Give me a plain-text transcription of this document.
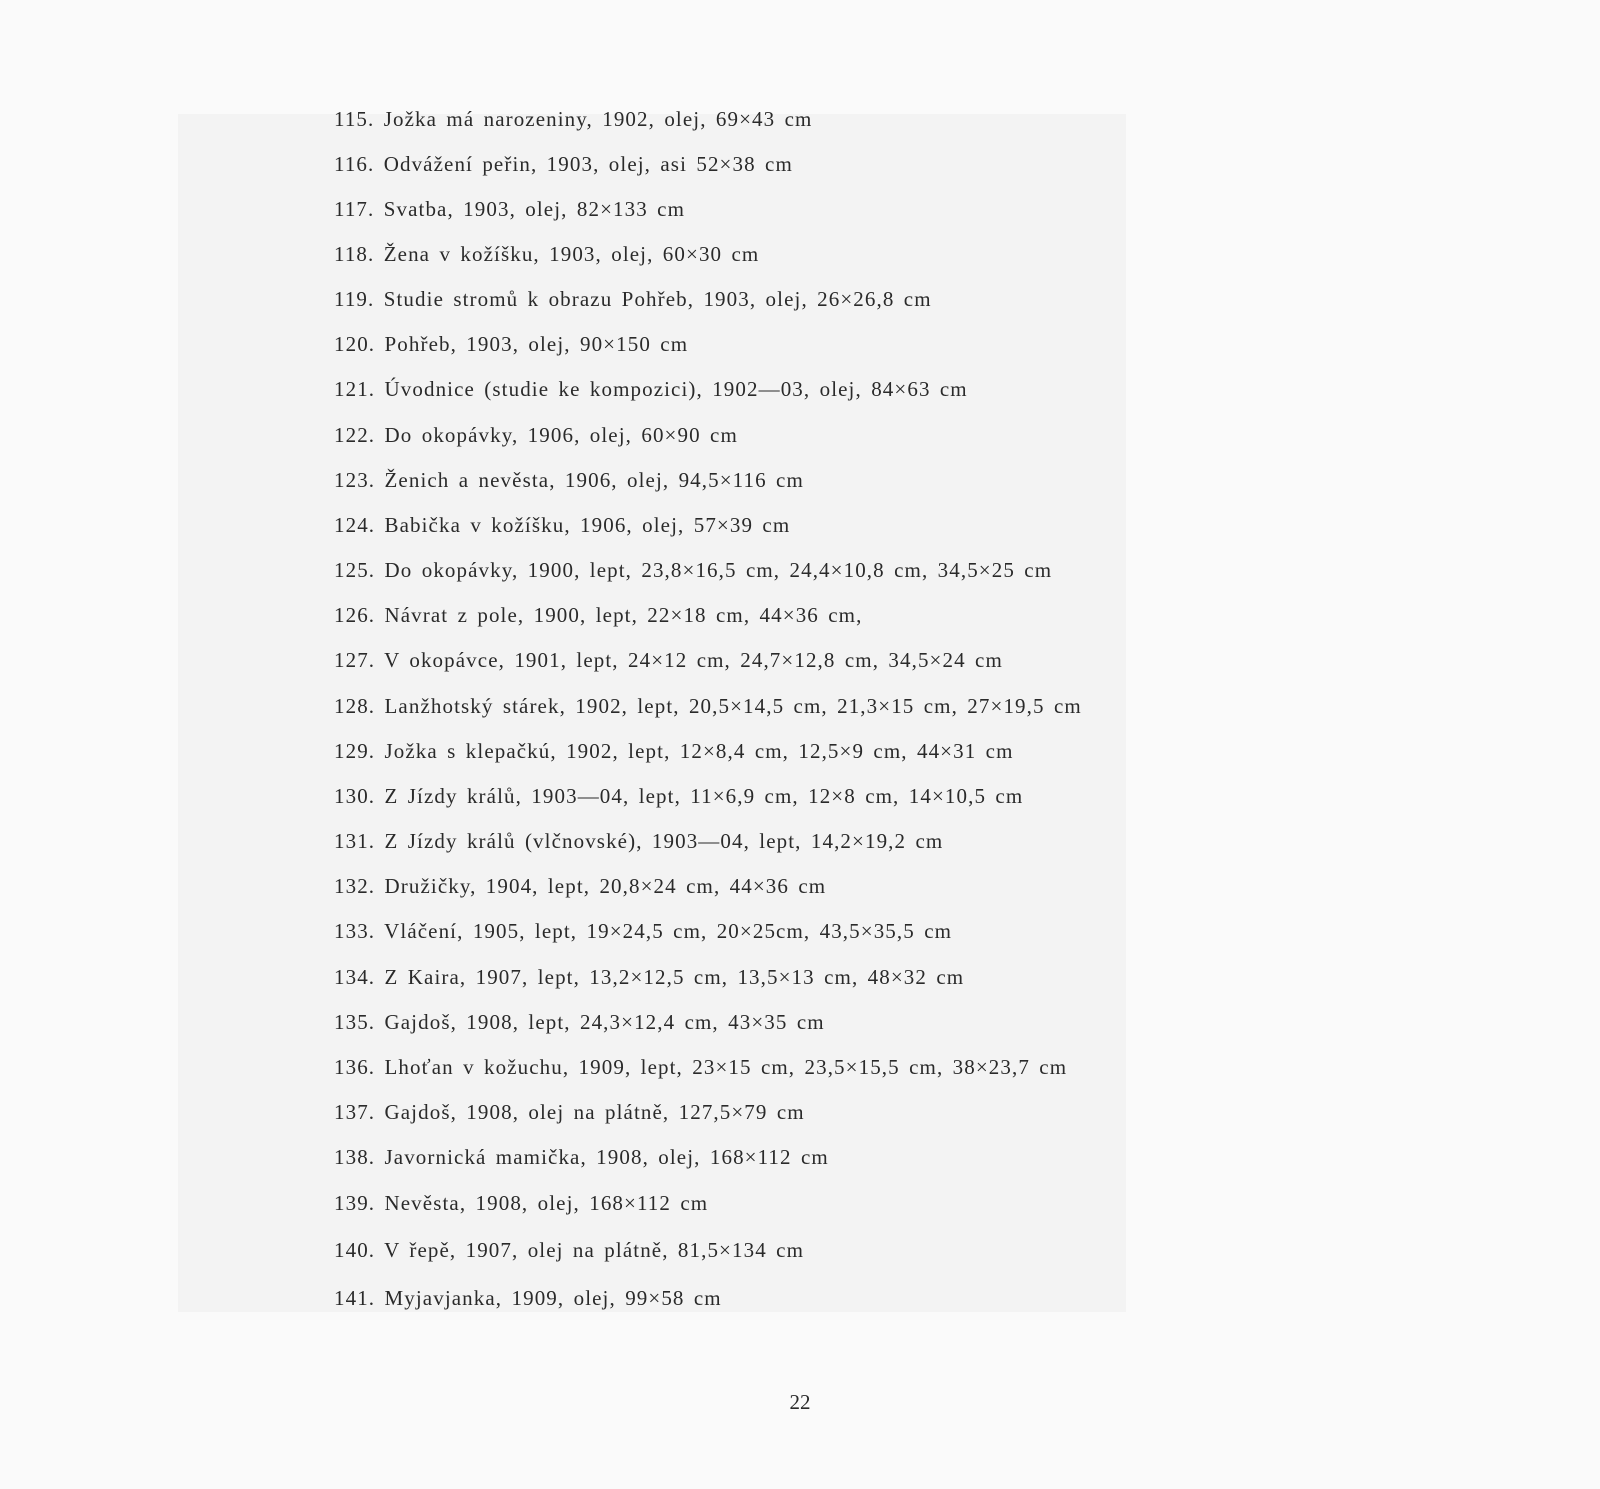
115. Jožka má narozeniny, 1902, olej, 69×43 cm
116. Odvážení peřin, 1903, olej, asi 52×38 cm
117. Svatba, 1903, olej, 82×133 cm
118. Žena v kožíšku, 1903, olej, 60×30 cm
119. Studie stromů k obrazu Pohřeb, 1903, olej, 26×26,8 cm
120. Pohřeb, 1903, olej, 90×150 cm
121. Úvodnice (studie ke kompozici), 1902—03, olej, 84×63 cm
122. Do okopávky, 1906, olej, 60×90 cm
123. Ženich a nevěsta, 1906, olej, 94,5×116 cm
124. Babička v kožíšku, 1906, olej, 57×39 cm
125. Do okopávky, 1900, lept, 23,8×16,5 cm, 24,4×10,8 cm, 34,5×25 cm
126. Návrat z pole, 1900, lept, 22×18 cm, 44×36 cm,
127. V okopávce, 1901, lept, 24×12 cm, 24,7×12,8 cm, 34,5×24 cm
128. Lanžhotský stárek, 1902, lept, 20,5×14,5 cm, 21,3×15 cm, 27×19,5 cm
129. Jožka s klepačkú, 1902, lept, 12×8,4 cm, 12,5×9 cm, 44×31 cm
130. Z Jízdy králů, 1903—04, lept, 11×6,9 cm, 12×8 cm, 14×10,5 cm
131. Z Jízdy králů (vlčnovské), 1903—04, lept, 14,2×19,2 cm
132. Družičky, 1904, lept, 20,8×24 cm, 44×36 cm
133. Vláčení, 1905, lept, 19×24,5 cm, 20×25cm, 43,5×35,5 cm
134. Z Kaira, 1907, lept, 13,2×12,5 cm, 13,5×13 cm, 48×32 cm
135. Gajdoš, 1908, lept, 24,3×12,4 cm, 43×35 cm
136. Lhoťan v kožuchu, 1909, lept, 23×15 cm, 23,5×15,5 cm, 38×23,7 cm
137. Gajdoš, 1908, olej na plátně, 127,5×79 cm
138. Javornická mamička, 1908, olej, 168×112 cm
139. Nevěsta, 1908, olej, 168×112 cm
140. V řepě, 1907, olej na plátně, 81,5×134 cm
141. Myjavjanka, 1909, olej, 99×58 cm
22
